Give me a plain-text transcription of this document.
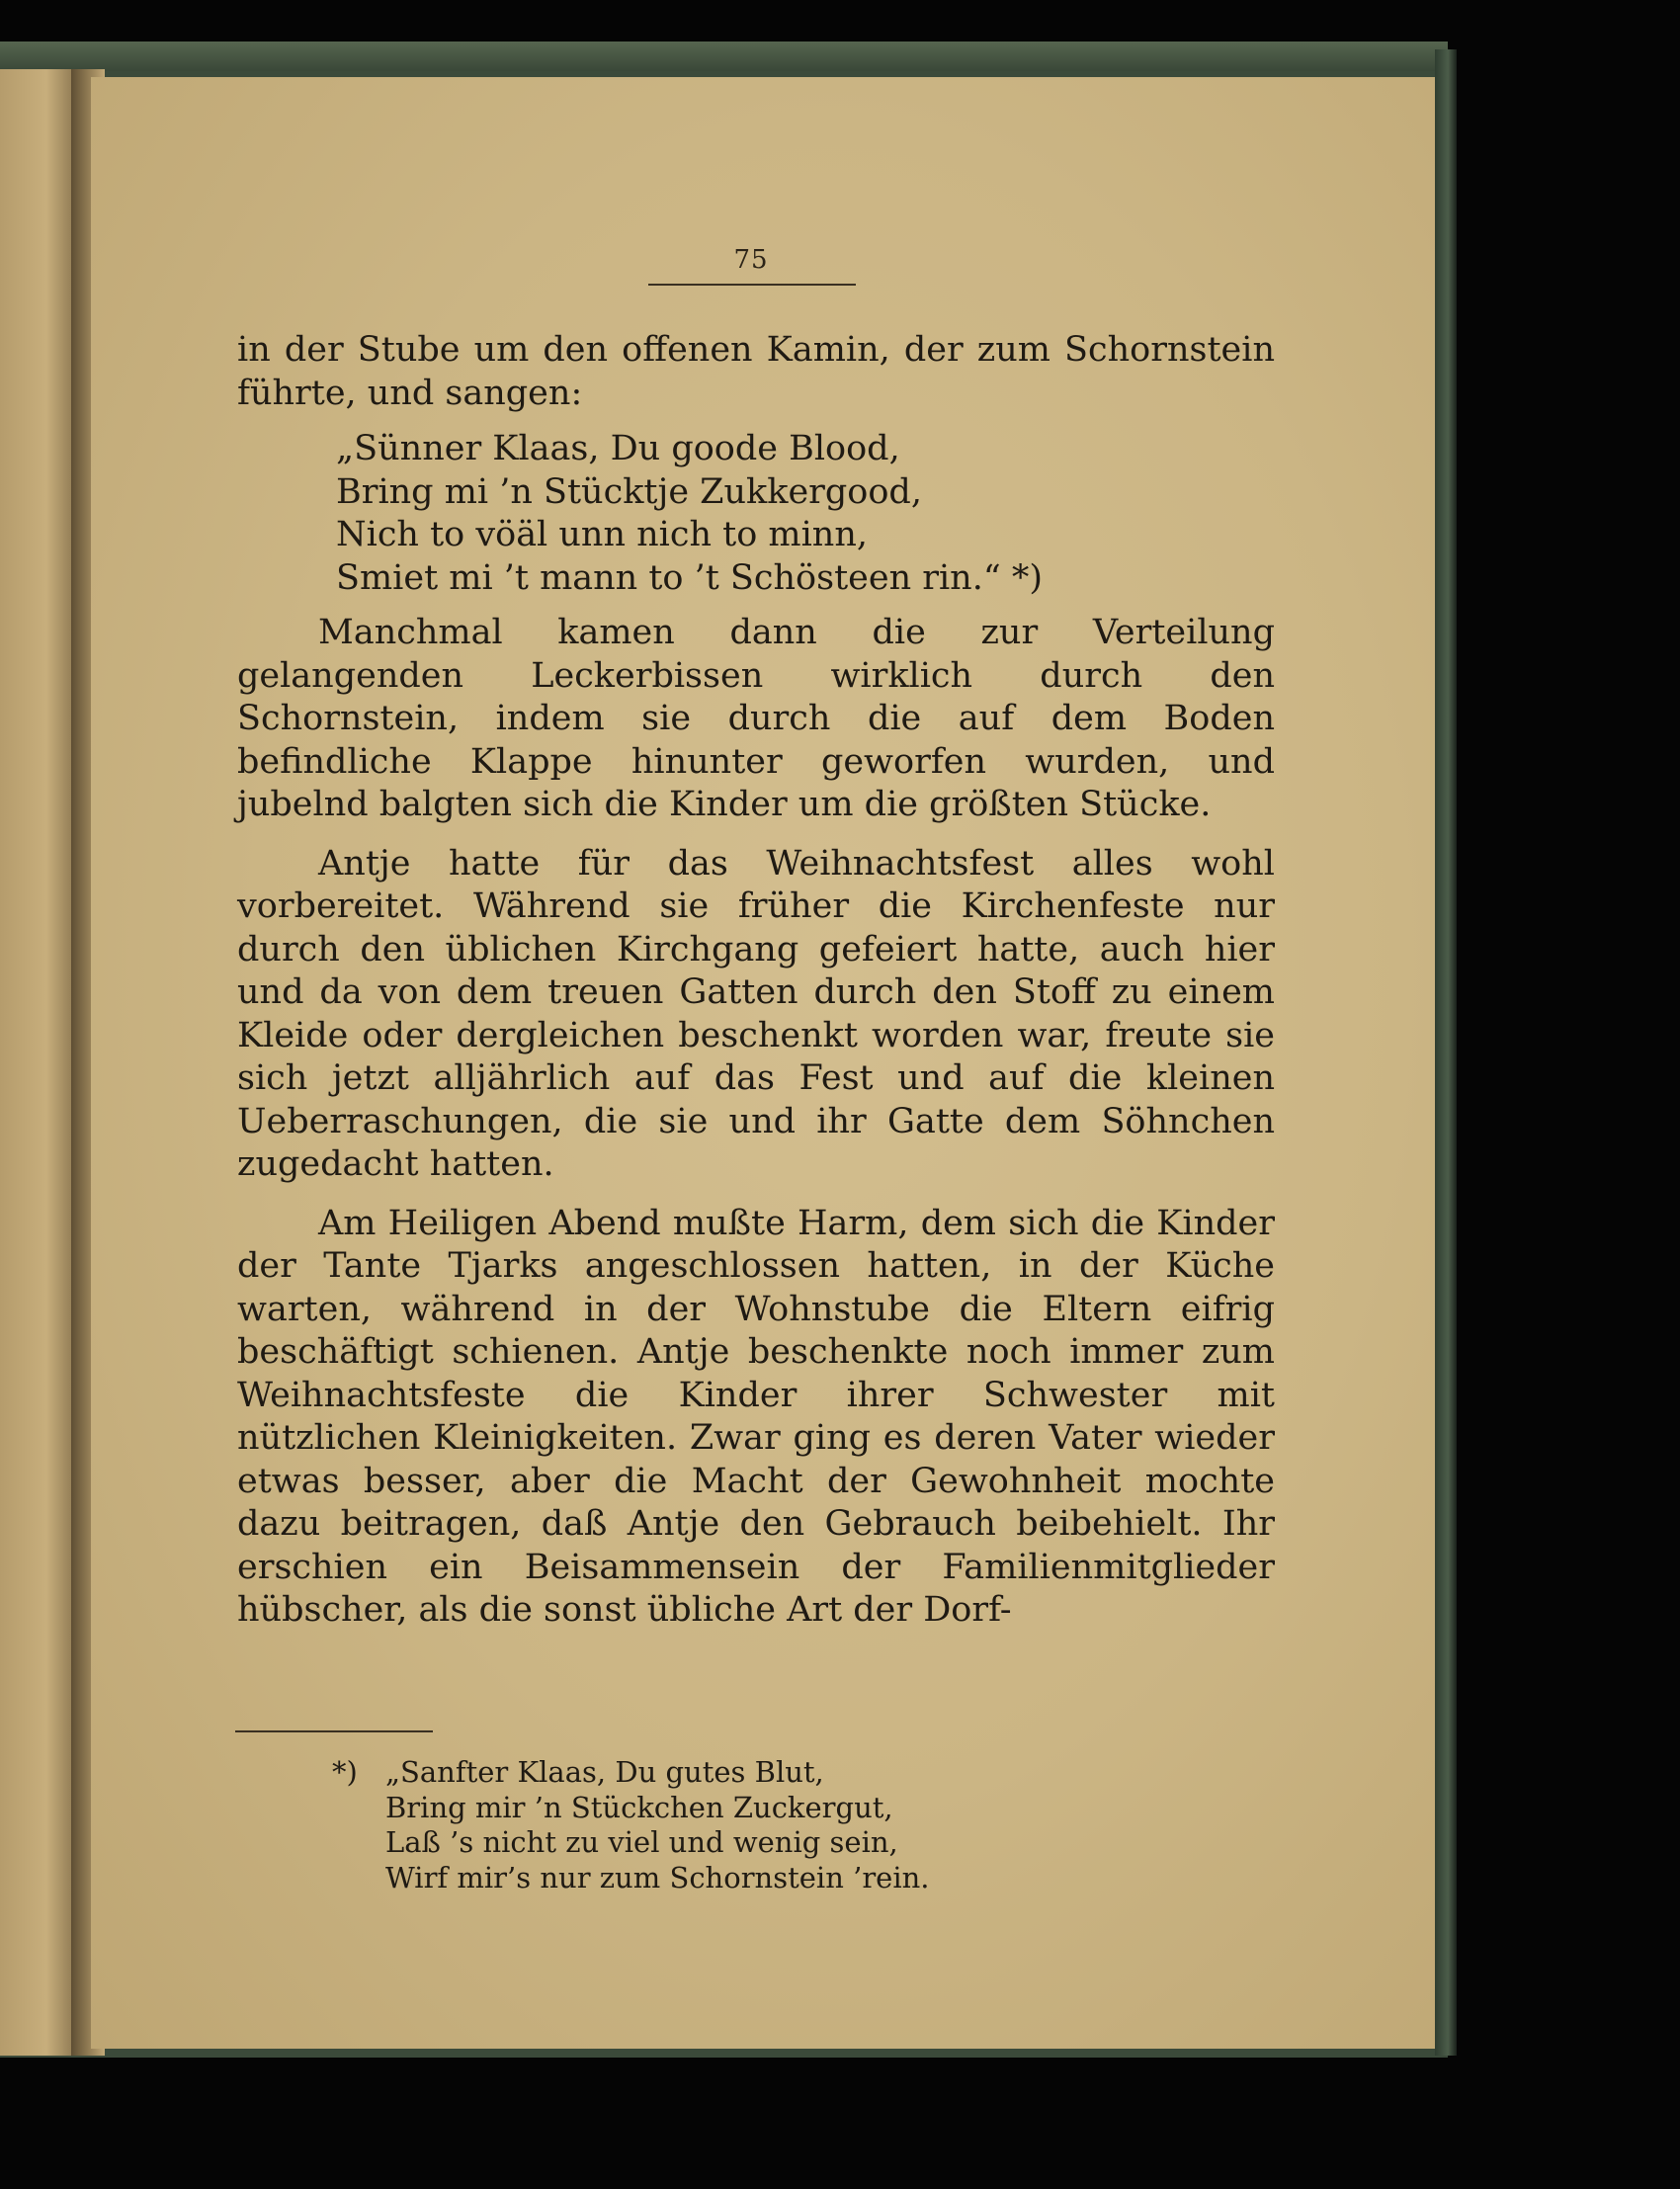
75

in der Stube um den offenen Kamin, der zum Schornstein führte, und sangen:

„Sünner Klaas, Du goode Blood,
Bring mi ’n Stücktje Zukkergood,
Nich to vöäl unn nich to minn,
Smiet mi ’t mann to ’t Schösteen rin.“ *)

Manchmal kamen dann die zur Verteilung gelangenden Leckerbissen wirklich durch den Schornstein, indem sie durch die auf dem Boden befindliche Klappe hinunter geworfen wurden, und jubelnd balgten sich die Kinder um die größten Stücke.

Antje hatte für das Weihnachtsfest alles wohl vorbereitet. Während sie früher die Kirchenfeste nur durch den üblichen Kirchgang gefeiert hatte, auch hier und da von dem treuen Gatten durch den Stoff zu einem Kleide oder dergleichen beschenkt worden war, freute sie sich jetzt alljährlich auf das Fest und auf die kleinen Ueberraschungen, die sie und ihr Gatte dem Söhnchen zugedacht hatten.

Am Heiligen Abend mußte Harm, dem sich die Kinder der Tante Tjarks angeschlossen hatten, in der Küche warten, während in der Wohnstube die Eltern eifrig beschäftigt schienen. Antje beschenkte noch immer zum Weihnachtsfeste die Kinder ihrer Schwester mit nützlichen Kleinigkeiten. Zwar ging es deren Vater wieder etwas besser, aber die Macht der Gewohnheit mochte dazu beitragen, daß Antje den Gebrauch beibehielt. Ihr erschien ein Beisammensein der Familienmitglieder hübscher, als die sonst übliche Art der Dorf-

*) „Sanfter Klaas, Du gutes Blut,
Bring mir ’n Stückchen Zuckergut,
Laß ’s nicht zu viel und wenig sein,
Wirf mir’s nur zum Schornstein ’rein.
